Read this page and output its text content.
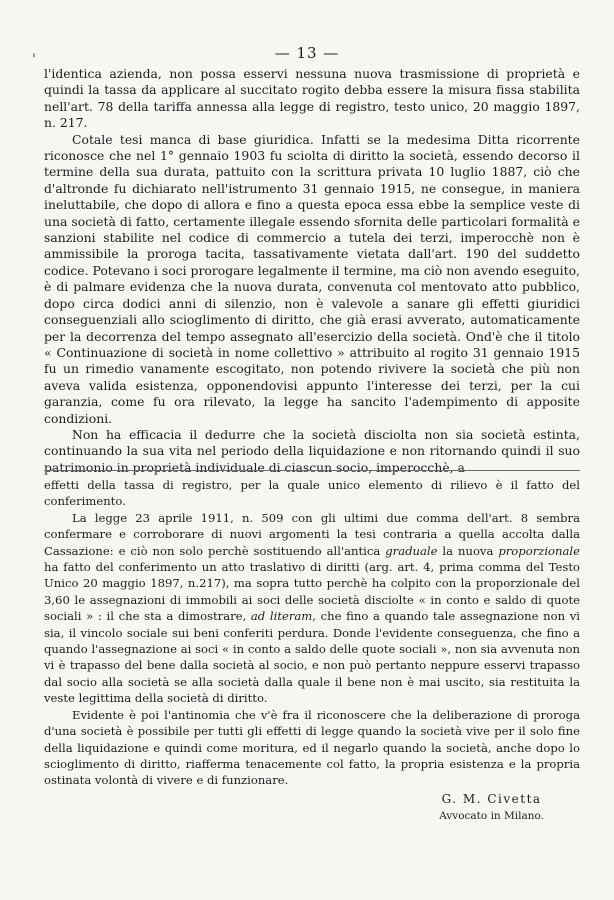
'	— 13 —

l'identica azienda, non possa esservi nessuna nuova trasmissione di proprietà e quindi la tassa da applicare al succitato rogito debba essere la misura fissa stabilita nell'art. 78 della tariffa annessa alla legge di registro, testo unico, 20 maggio 1897, n. 217.

Cotale tesi manca di base giuridica. Infatti se la medesima Ditta ricorrente riconosce che nel 1° gennaio 1903 fu sciolta di diritto la società, essendo decorso il termine della sua durata, pattuito con la scrittura privata 10 luglio 1887, ciò che d'altronde fu dichiarato nell'istrumento 31 gennaio 1915, ne consegue, in maniera ineluttabile, che dopo di allora e fino a questa epoca essa ebbe la semplice veste di una società di fatto, certamente illegale essendo sfornita delle particolari formalità e sanzioni stabilite nel codice di commercio a tutela dei terzi, imperocchè non è ammissibile la proroga tacita, tassativamente vietata dall'art. 190 del suddetto codice. Potevano i soci prorogare legalmente il termine, ma ciò non avendo eseguito, è di palmare evidenza che la nuova durata, convenuta col mentovato atto pubblico, dopo circa dodici anni di silenzio, non è valevole a sanare gli effetti giuridici conseguenziali allo scioglimento di diritto, che già erasi avverato, automaticamente per la decorrenza del tempo assegnato all'esercizio della società. Ond'è che il titolo « Continuazione di società in nome collettivo » attribuito al rogito 31 gennaio 1915 fu un rimedio vanamente escogitato, non potendo rivivere la società che più non aveva valida esistenza, opponendovisi appunto l'interesse dei terzi, per la cui garanzia, come fu ora rilevato, la legge ha sancito l'adempimento di apposite condizioni.

Non ha efficacia il dedurre che la società disciolta non sia società estinta, continuando la sua vita nel periodo della liquidazione e non ritornando quindi il suo patrimonio in proprietà individuale di ciascun socio, imperocchè, a

effetti della tassa di registro, per la quale unico elemento di rilievo è il fatto del conferimento.

La legge 23 aprile 1911, n. 509 con gli ultimi due comma dell'art. 8 sembra confermare e corroborare di nuovi argomenti la tesi contraria a quella accolta dalla Cassazione: e ciò non solo perchè sostituendo all'antica graduale la nuova proporzionale ha fatto del conferimento un atto traslativo di diritti (arg. art. 4, prima comma del Testo Unico 20 maggio 1897, n.217), ma sopra tutto perchè ha colpito con la proporzionale del 3,60 le assegnazioni di immobili ai soci delle società disciolte « in conto e saldo di quote sociali » : il che sta a dimostrare, ad literam, che fino a quando tale assegnazione non vi sia, il vincolo sociale sui beni conferiti perdura. Donde l'evidente conseguenza, che fino a quando l'assegnazione ai soci « in conto a saldo delle quote sociali », non sia avvenuta non vi è trapasso del bene dalla società al socio, e non può pertanto neppure esservi trapasso dal socio alla società se alla società dalla quale il bene non è mai uscito, sia restituita la veste legittima della società di diritto.

Evidente è poi l'antinomia che v'è fra il riconoscere che la deliberazione di proroga d'una società è possibile per tutti gli effetti di legge quando la società vive per il solo fine della liquidazione e quindi come moritura, ed il negarlo quando la società, anche dopo lo scioglimento di diritto, riafferma tenacemente col fatto, la propria esistenza e la propria ostinata volontà di vivere e di funzionare.

G. M. Civetta
Avvocato in Milano.
